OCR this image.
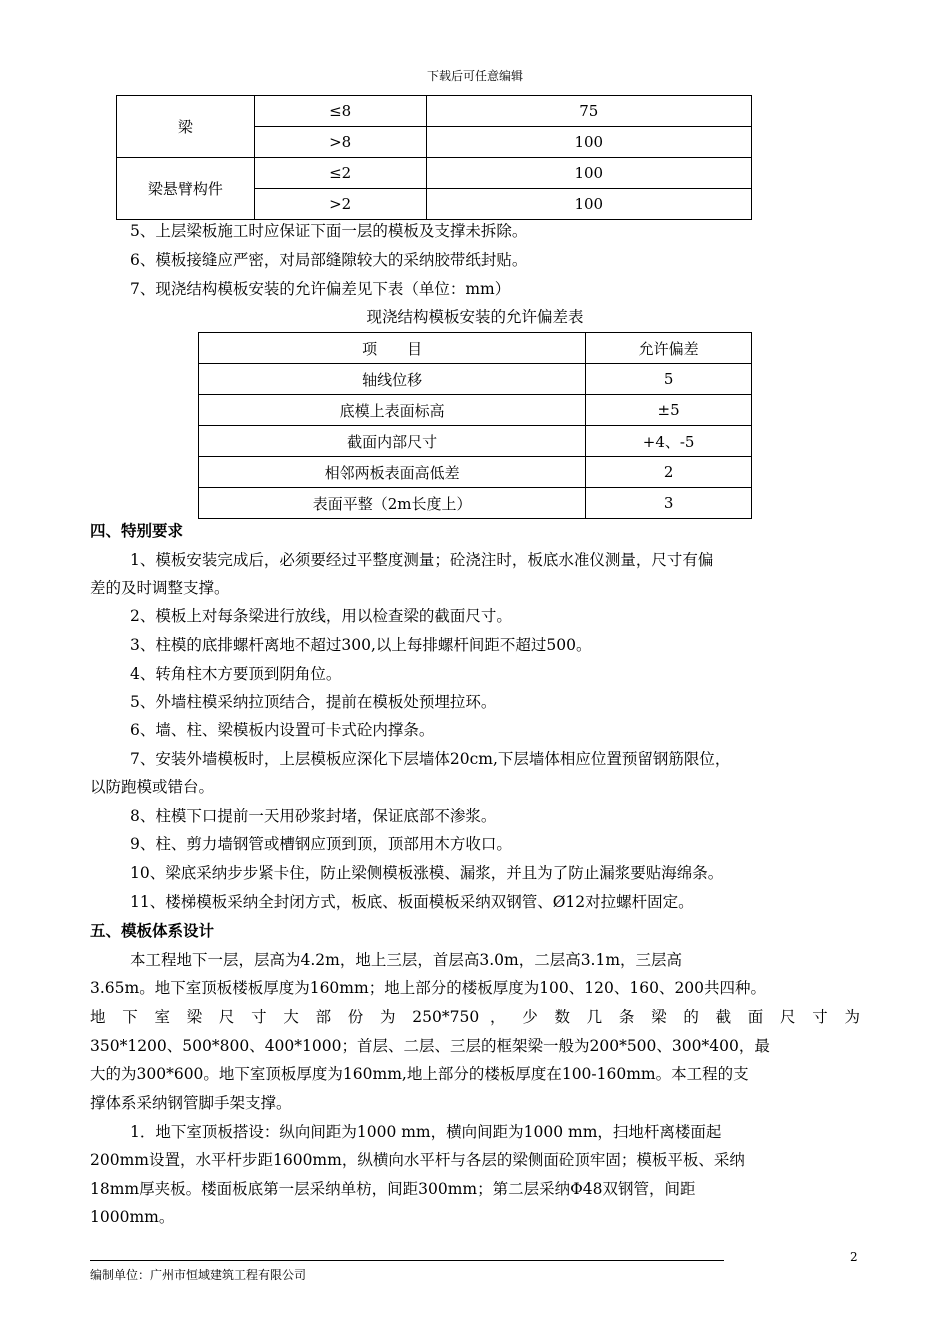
下载后可任意编辑
梁	≤8	75
	>8	100
梁悬臂构件	≤2	100
	>2	100
5、上层梁板施工时应保证下面一层的模板及支撑未拆除。
6、模板接缝应严密，对局部缝隙较大的采纳胶带纸封贴。
7、现浇结构模板安装的允许偏差见下表（单位：mm）
现浇结构模板安装的允许偏差表
项　　目	允许偏差
轴线位移	5
底模上表面标高	±5
截面内部尺寸	+4、-5
相邻两板表面高低差	2
表面平整（2m长度上）	3
四、特别要求
1、模板安装完成后，必须要经过平整度测量；砼浇注时，板底水准仪测量，尺寸有偏
差的及时调整支撑。
2、模板上对每条梁进行放线，用以检查梁的截面尺寸。
3、柱模的底排螺杆离地不超过300,以上每排螺杆间距不超过500。
4、转角柱木方要顶到阴角位。
5、外墙柱模采纳拉顶结合，提前在模板处预埋拉环。
6、墙、柱、梁模板内设置可卡式砼内撑条。
7、安装外墙模板时，上层模板应深化下层墙体20cm,下层墙体相应位置预留钢筋限位，
以防跑模或错台。
8、柱模下口提前一天用砂浆封堵，保证底部不渗浆。
9、柱、剪力墙钢管或槽钢应顶到顶，顶部用木方收口。
10、梁底采纳步步紧卡住，防止梁侧模板涨模、漏浆，并且为了防止漏浆要贴海绵条。
11、楼梯模板采纳全封闭方式，板底、板面模板采纳双钢管、Ø12对拉螺杆固定。
五、模板体系设计
本工程地下一层，层高为4.2m，地上三层，首层高3.0m，二层高3.1m，三层高
3.65m。地下室顶板楼板厚度为160mm；地上部分的楼板厚度为100、120、160、200共四种。
地 下 室 梁 尺 寸 大 部 份 为 250*750 ， 少 数 几 条 梁 的 截 面 尺 寸 为
350*1200、500*800、400*1000；首层、二层、三层的框架梁一般为200*500、300*400，最
大的为300*600。地下室顶板厚度为160mm,地上部分的楼板厚度在100-160mm。本工程的支
撑体系采纳钢管脚手架支撑。
1．地下室顶板搭设：纵向间距为1000 mm，横向间距为1000 mm，扫地杆离楼面起
200mm设置，水平杆步距1600mm，纵横向水平杆与各层的梁侧面砼顶牢固；模板平板、采纳
18mm厚夹板。楼面板底第一层采纳单枋，间距300mm；第二层采纳Φ48双钢管，间距
1000mm。
2
编制单位：广州市恒域建筑工程有限公司
